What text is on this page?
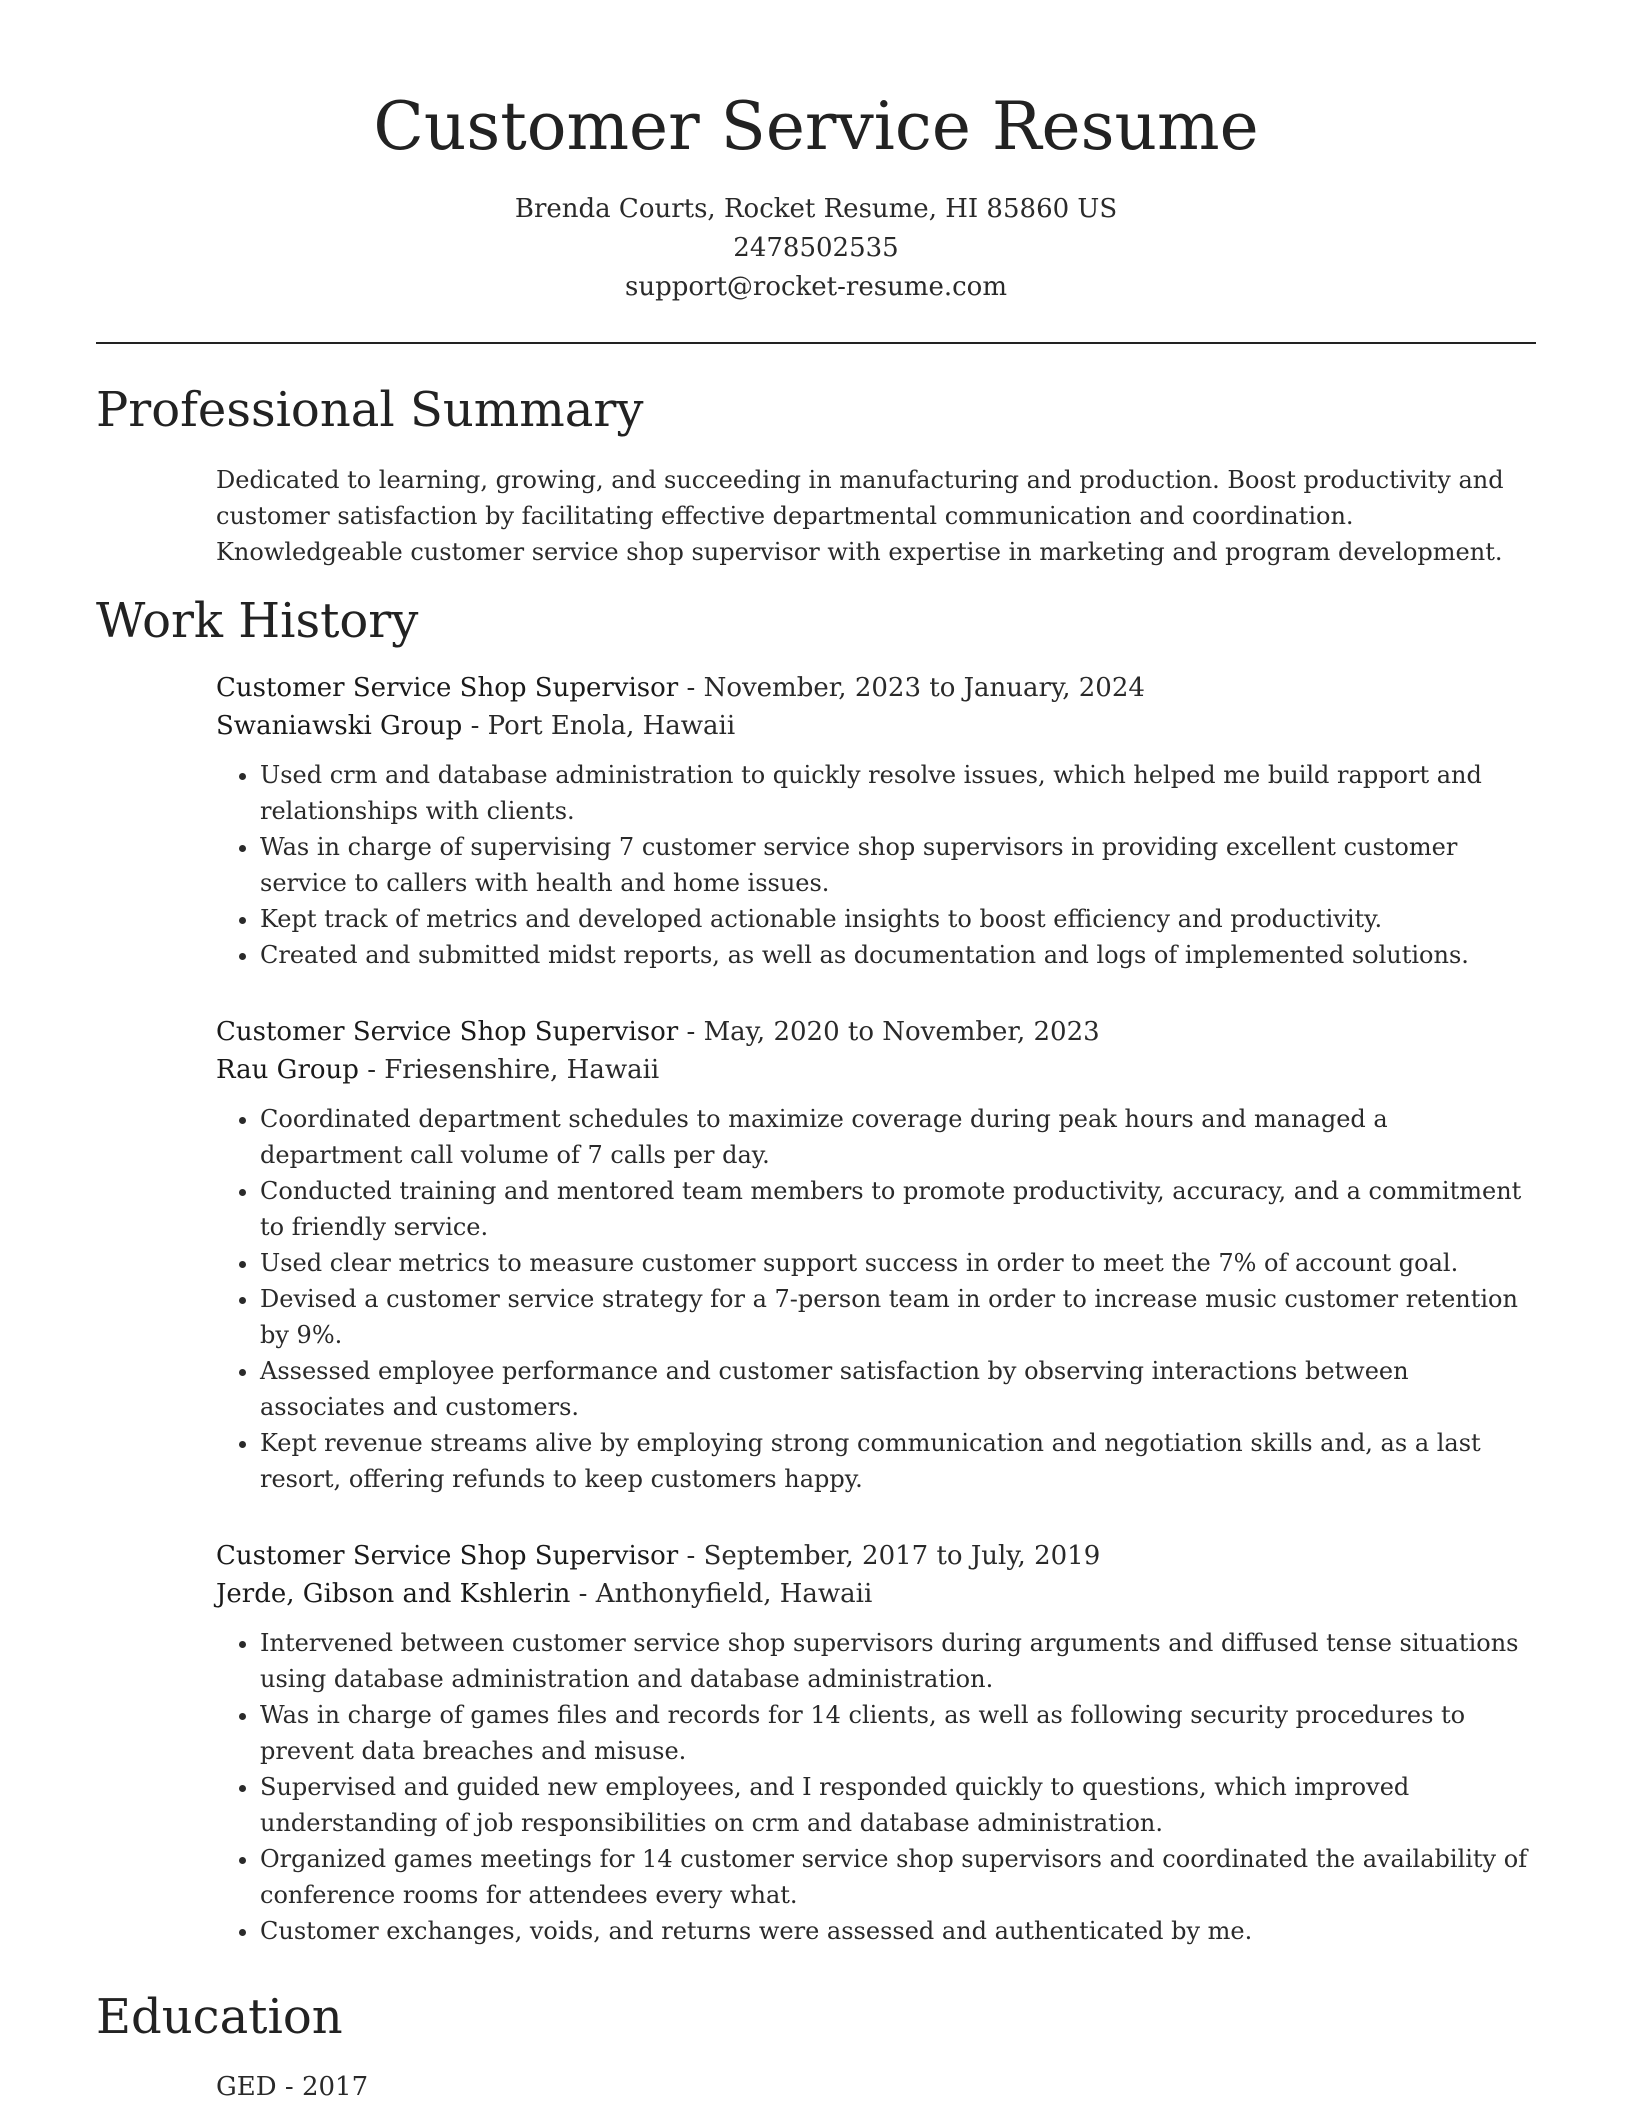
Customer Service Resume
Brenda Courts, Rocket Resume, HI 85860 US
2478502535
support@rocket-resume.com
Professional Summary

Dedicated to learning, growing, and succeeding in manufacturing and production. Boost productivity and customer satisfaction by facilitating effective departmental communication and coordination. Knowledgeable customer service shop supervisor with expertise in marketing and program development.

Work History
Customer Service Shop Supervisor - November, 2023 to January, 2024
Swaniawski Group - Port Enola, Hawaii
• Used crm and database administration to quickly resolve issues, which helped me build rapport and relationships with clients.
• Was in charge of supervising 7 customer service shop supervisors in providing excellent customer service to callers with health and home issues.
• Kept track of metrics and developed actionable insights to boost efficiency and productivity.
• Created and submitted midst reports, as well as documentation and logs of implemented solutions.
Customer Service Shop Supervisor - May, 2020 to November, 2023
Rau Group - Friesenshire, Hawaii
• Coordinated department schedules to maximize coverage during peak hours and managed a department call volume of 7 calls per day.
• Conducted training and mentored team members to promote productivity, accuracy, and a commitment to friendly service.
• Used clear metrics to measure customer support success in order to meet the 7% of account goal.
• Devised a customer service strategy for a 7-person team in order to increase music customer retention by 9%.
• Assessed employee performance and customer satisfaction by observing interactions between associates and customers.
• Kept revenue streams alive by employing strong communication and negotiation skills and, as a last resort, offering refunds to keep customers happy.
Customer Service Shop Supervisor - September, 2017 to July, 2019
Jerde, Gibson and Kshlerin - Anthonyfield, Hawaii
• Intervened between customer service shop supervisors during arguments and diffused tense situations using database administration and database administration.
• Was in charge of games files and records for 14 clients, as well as following security procedures to prevent data breaches and misuse.
• Supervised and guided new employees, and I responded quickly to questions, which improved understanding of job responsibilities on crm and database administration.
• Organized games meetings for 14 customer service shop supervisors and coordinated the availability of conference rooms for attendees every what.
• Customer exchanges, voids, and returns were assessed and authenticated by me.
Education
GED - 2017
